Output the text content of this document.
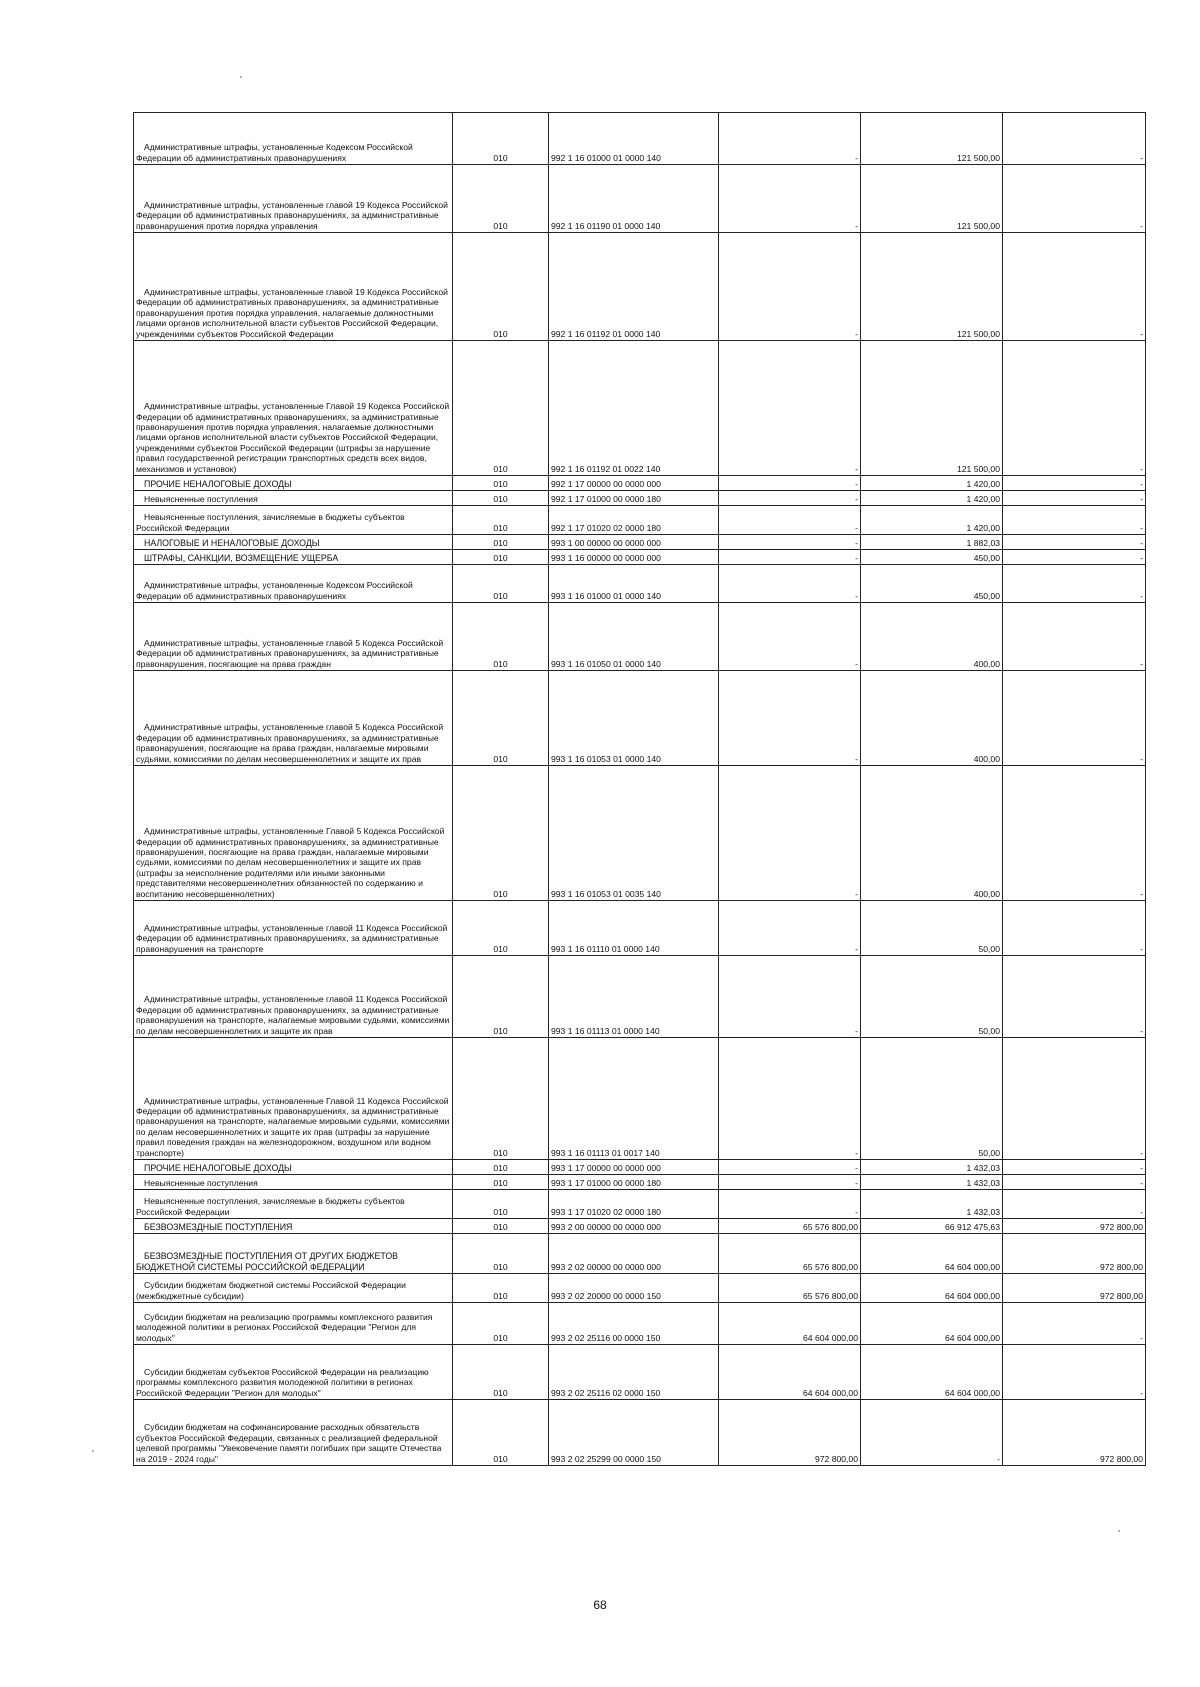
Административные штрафы, установленные Кодексом Российской Федерации об административных правонарушениях	010	992 1 16 01000 01 0000 140	-	121 500,00	-

Административные штрафы, установленные главой 19 Кодекса Российской Федерации об административных правонарушениях, за административные правонарушения против порядка управления	010	992 1 16 01190 01 0000 140	-	121 500,00	-

Административные штрафы, установленные главой 19 Кодекса Российской Федерации об административных правонарушениях, за административные правонарушения против порядка управления, налагаемые должностными лицами органов исполнительной власти субъектов Российской Федерации, учреждениями субъектов Российской Федерации	010	992 1 16 01192 01 0000 140	-	121 500,00	-

Административные штрафы, установленные Главой 19 Кодекса Российской Федерации об административных правонарушениях, за административные правонарушения против порядка управления, налагаемые должностными лицами органов исполнительной власти субъектов Российской Федерации, учреждениями субъектов Российской Федерации (штрафы за нарушение правил государственной регистрации транспортных средств всех видов, механизмов и установок)	010	992 1 16 01192 01 0022 140	-	121 500,00	-

ПРОЧИЕ НЕНАЛОГОВЫЕ ДОХОДЫ	010	992 1 17 00000 00 0000 000	-	1 420,00	-

Невыясненные поступления	010	992 1 17 01000 00 0000 180	-	1 420,00	-

Невыясненные поступления, зачисляемые в бюджеты субъектов Российской Федерации	010	992 1 17 01020 02 0000 180	-	1 420,00	-

НАЛОГОВЫЕ И НЕНАЛОГОВЫЕ ДОХОДЫ	010	993 1 00 00000 00 0000 000	-	1 882,03	-

ШТРАФЫ, САНКЦИИ, ВОЗМЕЩЕНИЕ УЩЕРБА	010	993 1 16 00000 00 0000 000	-	450,00	-

Административные штрафы, установленные Кодексом Российской Федерации об административных правонарушениях	010	993 1 16 01000 01 0000 140	-	450,00	-

Административные штрафы, установленные главой 5 Кодекса Российской Федерации об административных правонарушениях, за административные правонарушения, посягающие на права граждан	010	993 1 16 01050 01 0000 140	-	400,00	-

Административные штрафы, установленные главой 5 Кодекса Российской Федерации об административных правонарушениях, за административные правонарушения, посягающие на права граждан, налагаемые мировыми судьями, комиссиями по делам несовершеннолетних и защите их прав	010	993 1 16 01053 01 0000 140	-	400,00	-

Административные штрафы, установленные Главой 5 Кодекса Российской Федерации об административных правонарушениях, за административные правонарушения, посягающие на права граждан, налагаемые мировыми судьями, комиссиями по делам несовершеннолетних и защите их прав (штрафы за неисполнение родителями или иными законными представителями несовершеннолетних обязанностей по содержанию и воспитанию несовершеннолетних)	010	993 1 16 01053 01 0035 140	-	400,00	-

Административные штрафы, установленные главой 11 Кодекса Российской Федерации об административных правонарушениях, за административные правонарушения на транспорте	010	993 1 16 01110 01 0000 140	-	50,00	-

Административные штрафы, установленные главой 11 Кодекса Российской Федерации об административных правонарушениях, за административные правонарушения на транспорте, налагаемые мировыми судьями, комиссиями по делам несовершеннолетних и защите их прав	010	993 1 16 01113 01 0000 140	-	50,00	-

Административные штрафы, установленные Главой 11 Кодекса Российской Федерации об административных правонарушениях, за административные правонарушения на транспорте, налагаемые мировыми судьями, комиссиями по делам несовершеннолетних и защите их прав (штрафы за нарушение правил поведения граждан на железнодорожном, воздушном или водном транспорте)	010	993 1 16 01113 01 0017 140	-	50,00	-

ПРОЧИЕ НЕНАЛОГОВЫЕ ДОХОДЫ	010	993 1 17 00000 00 0000 000	-	1 432,03	-

Невыясненные поступления	010	993 1 17 01000 00 0000 180	-	1 432,03	-

Невыясненные поступления, зачисляемые в бюджеты субъектов Российской Федерации	010	993 1 17 01020 02 0000 180	-	1 432,03	-

БЕЗВОЗМЕЗДНЫЕ ПОСТУПЛЕНИЯ	010	993 2 00 00000 00 0000 000	65 576 800,00	66 912 475,63	972 800,00

БЕЗВОЗМЕЗДНЫЕ ПОСТУПЛЕНИЯ ОТ ДРУГИХ БЮДЖЕТОВ БЮДЖЕТНОЙ СИСТЕМЫ РОССИЙСКОЙ ФЕДЕРАЦИИ	010	993 2 02 00000 00 0000 000	65 576 800,00	64 604 000,00	972 800,00

Субсидии бюджетам бюджетной системы Российской Федерации (межбюджетные субсидии)	010	993 2 02 20000 00 0000 150	65 576 800,00	64 604 000,00	972 800,00

Субсидии бюджетам на реализацию программы комплексного развития молодежной политики в регионах Российской Федерации "Регион для молодых"	010	993 2 02 25116 00 0000 150	64 604 000,00	64 604 000,00	-

Субсидии бюджетам субъектов Российской Федерации на реализацию программы комплексного развития молодежной политики в регионах Российской Федерации "Регион для молодых"	010	993 2 02 25116 02 0000 150	64 604 000,00	64 604 000,00	-

Субсидии бюджетам на софинансирование расходных обязательств субъектов Российской Федерации, связанных с реализацией федеральной целевой программы "Увековечение памяти погибших при защите Отечества на 2019 - 2024 годы"	010	993 2 02 25299 00 0000 150	972 800,00	-	972 800,00
68
